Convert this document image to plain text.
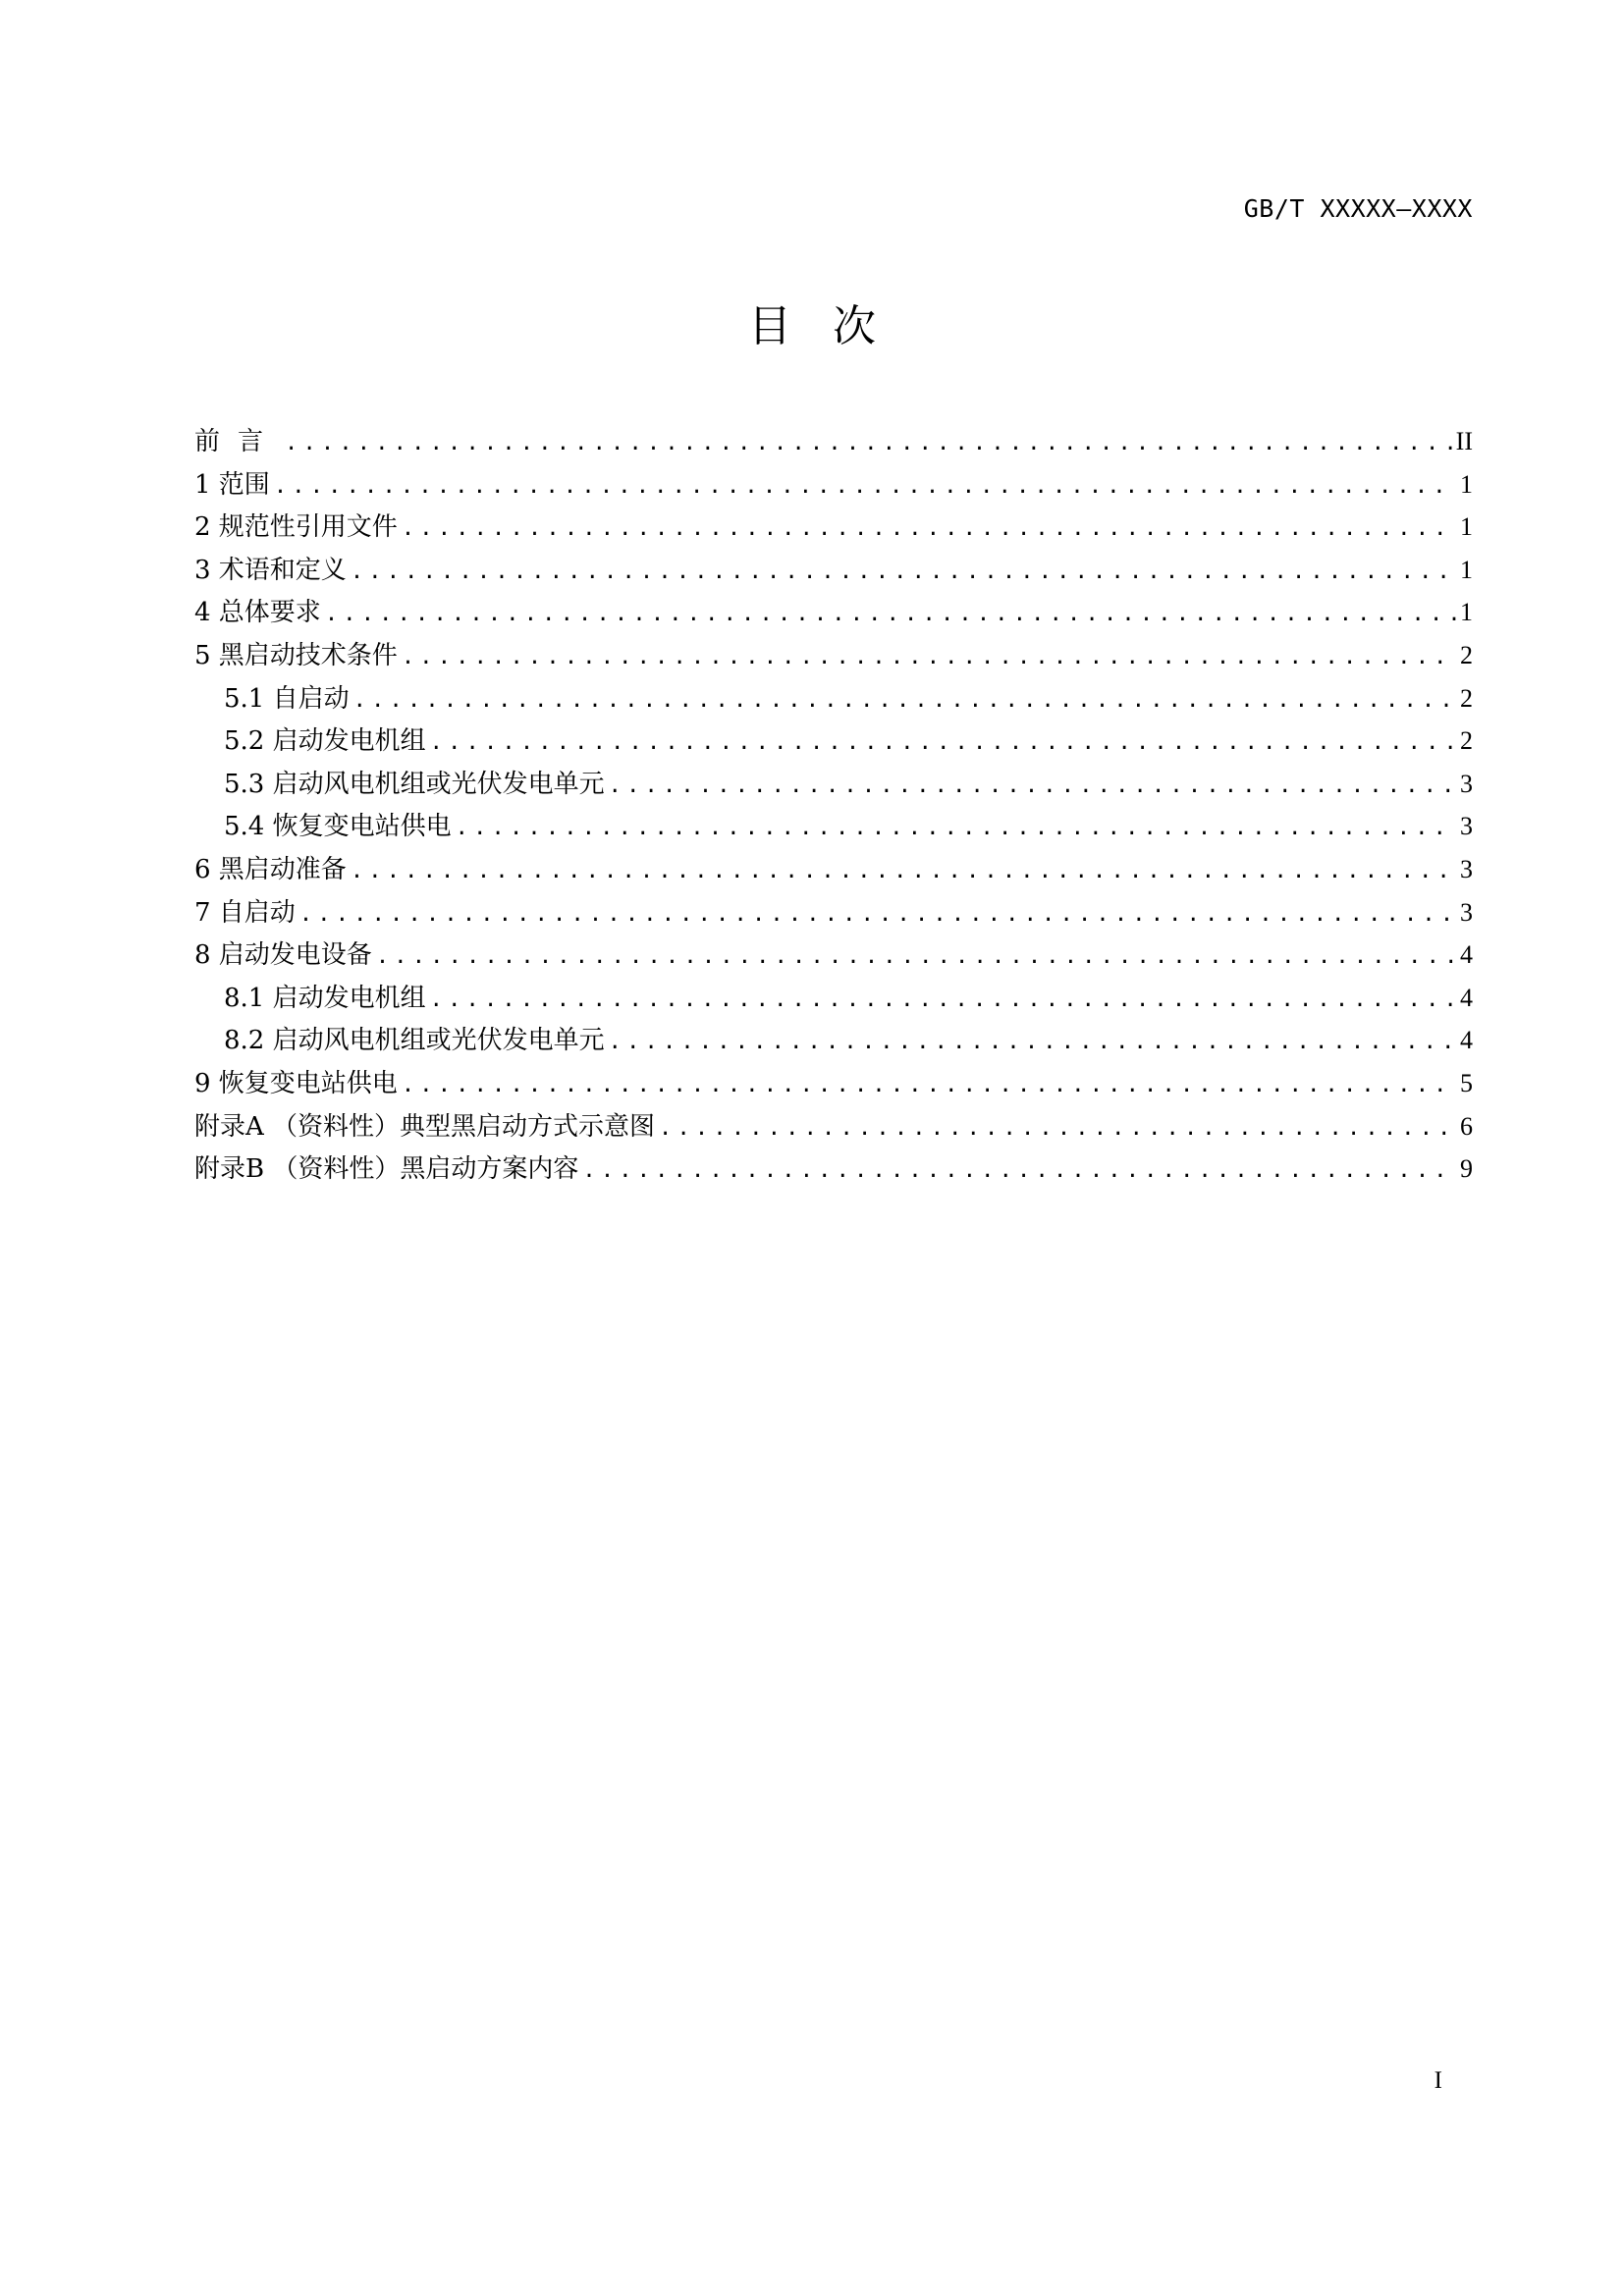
GB/T XXXXX—XXXX
目次
前言 .....	II
1 范围 .....	1
2 规范性引用文件 .....	1
3 术语和定义 .....	1
4 总体要求 .....	1
5 黑启动技术条件 .....	2
5.1 自启动 .....	2
5.2 启动发电机组 .....	2
5.3 启动风电机组或光伏发电单元 .....	3
5.4 恢复变电站供电 .....	3
6 黑启动准备 .....	3
7 自启动 .....	3
8 启动发电设备 .....	4
8.1 启动发电机组 .....	4
8.2 启动风电机组或光伏发电单元 .....	4
9 恢复变电站供电 .....	5
附录A （资料性）典型黑启动方式示意图 .....	6
附录B （资料性）黑启动方案内容 .....	9
I
